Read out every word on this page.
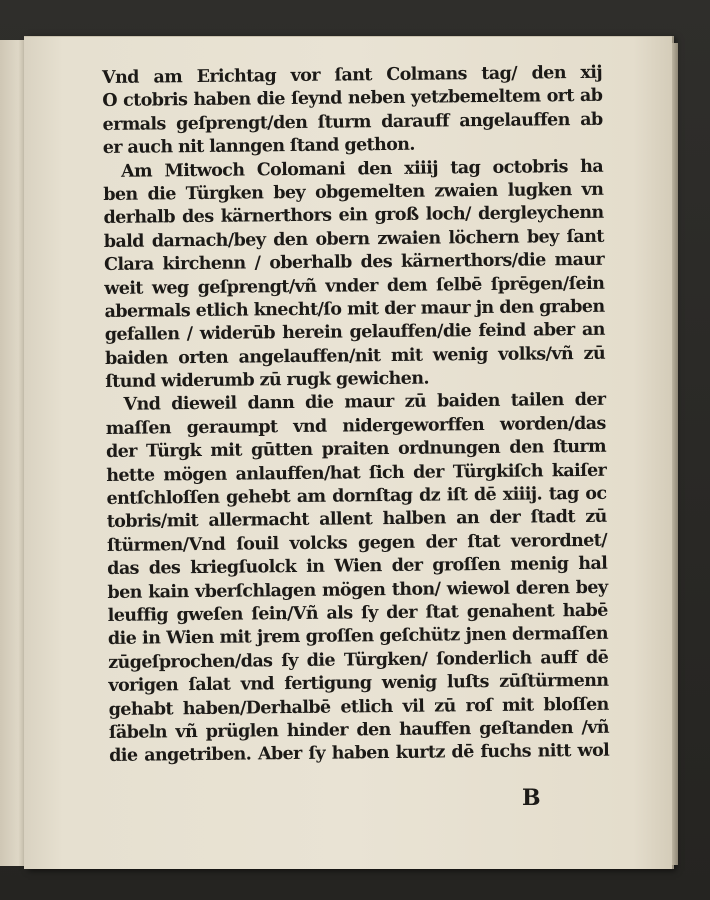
Vnd am Erichtag vor ſant Colmans tag/ den xij
O ctobris haben die ſeynd neben yetzbemeltem ort ab
ermals geſprengt/den ſturm darauff angelauffen ab
er auch nit lanngen ſtand gethon.
Am Mitwoch Colomani den xiiij tag octobris ha
ben die Türgken bey obgemelten zwaien lugken vn
derhalb des kärnerthors ein groß loch/ dergleychenn
bald darnach/bey den obern zwaien löchern bey ſant
Clara kirchenn / oberhalb des kärnerthors/die maur
weit weg geſprengt/vñ vnder dem ſelbē ſprēgen/ſein
abermals etlich knecht/ſo mit der maur jn den graben
gefallen / widerūb herein gelauffen/die feind aber an
baiden orten angelauffen/nit mit wenig volks/vñ zū
ſtund widerumb zū rugk gewichen.
Vnd dieweil dann die maur zū baiden tailen der
maſſen geraumpt vnd nidergeworffen worden/das
der Türgk mit gūtten praiten ordnungen den ſturm
hette mögen anlauffen/hat ſich der Türgkiſch kaiſer
entſchloſſen gehebt am dornſtag dz iſt dē xiiij. tag oc
tobris/mit allermacht allent halben an der ſtadt zū
ſtürmen/Vnd ſouil volcks gegen der ſtat verordnet/
das des kriegſuolck in Wien der groſſen menig hal
ben kain vberſchlagen mögen thon/ wiewol deren bey
leuffig gweſen ſein/Vñ als ſy der ſtat genahent habē
die in Wien mit jrem groſſen geſchütz jnen dermaſſen
zūgeſprochen/das ſy die Türgken/ ſonderlich auff dē
vorigen ſalat vnd fertigung wenig luſts zūſtürmenn
gehabt haben/Derhalbē etlich vil zū roſ mit bloſſen
ſäbeln vñ prüglen hinder den hauffen geſtanden /vñ
die angetriben. Aber ſy haben kurtz dē fuchs nitt wol
B
